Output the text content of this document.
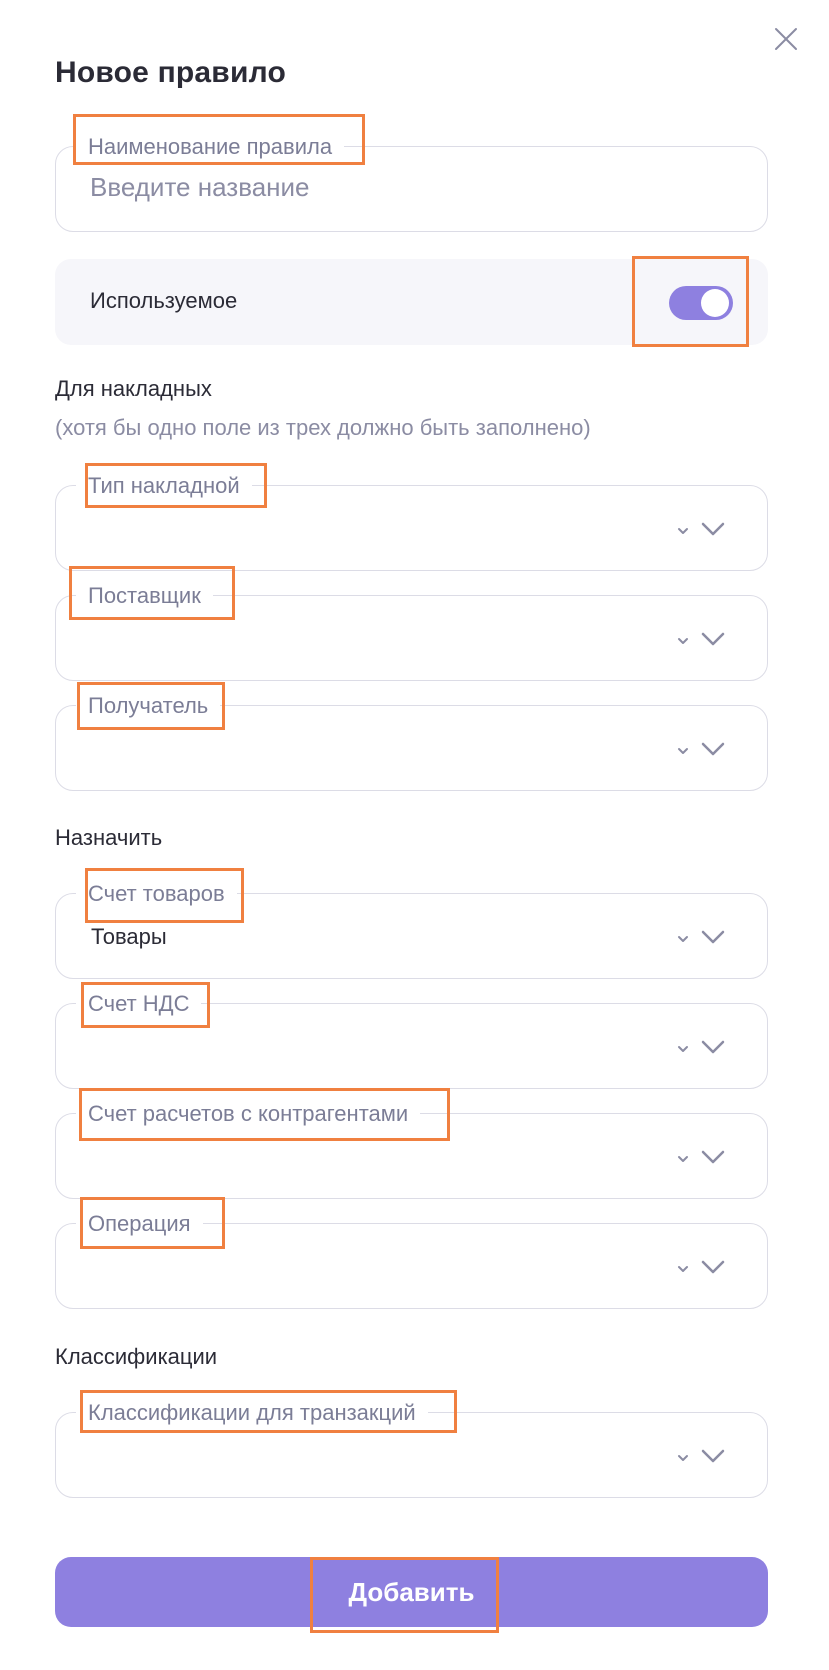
Новое правило
Наименование правила
Введите название
Используемое
Для накладных
(хотя бы одно поле из трех должно быть заполнено)
Тип накладной
Поставщик
Получатель
Назначить
Счет товаров
Товары
Счет НДС
Счет расчетов с контрагентами
Операция
Классификации
Классификации для транзакций
Добавить
